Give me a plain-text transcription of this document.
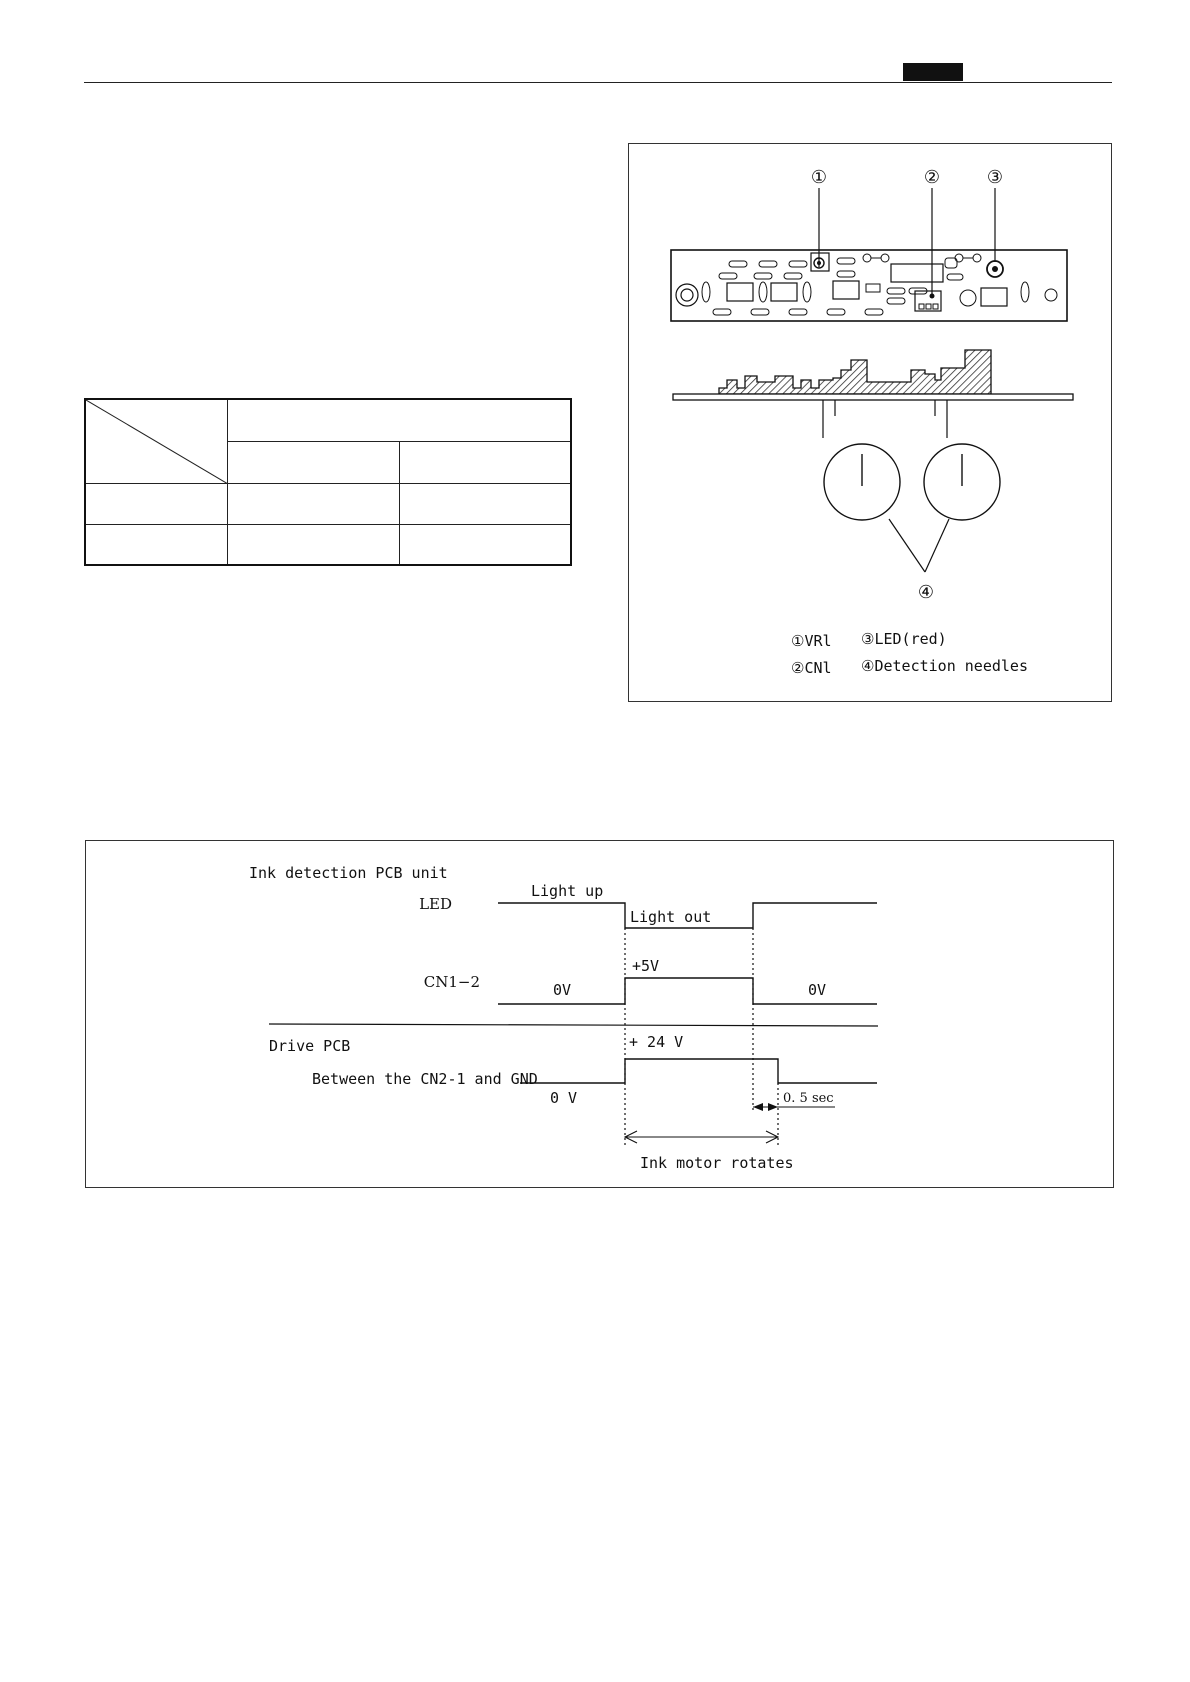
①	②	③
④
①VRl ③LED(red)
②CNl ④Detection needles
Ink detection PCB unit
LED
Light up
Light out
CN1−2	0V
+5V
0V
Drive PCB
Between the CN2-1 and GND
+ 24 V
0 V	0. 5 sec
Ink motor rotates
